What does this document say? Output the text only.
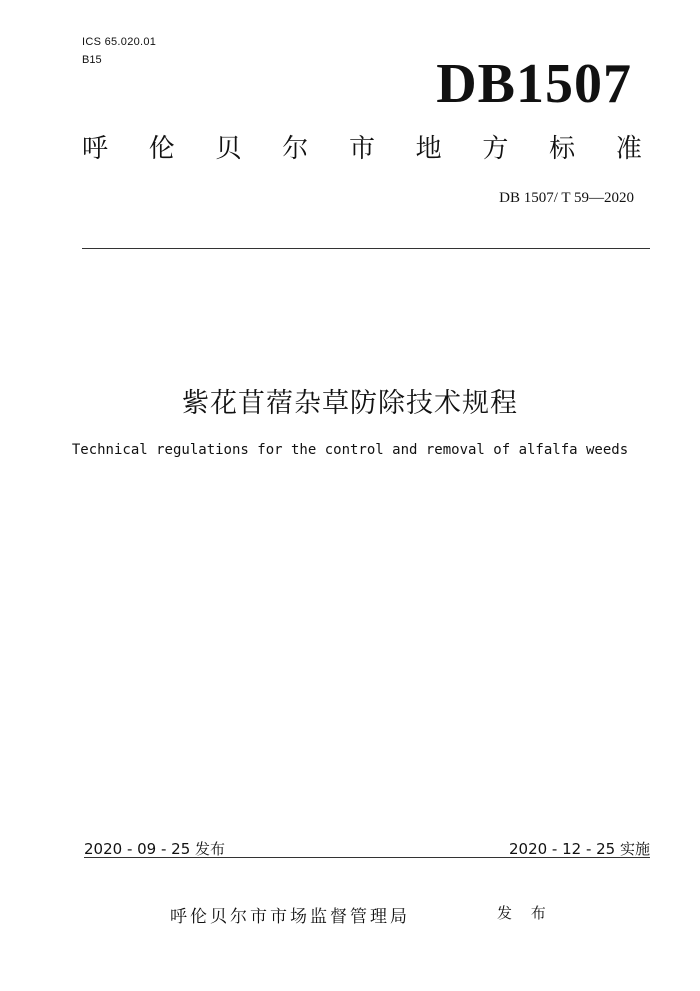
ICS 65.020.01
B15	DB1507
呼 伦 贝 尔 市 地 方 标 准
DB 1507/ T 59—2020
紫花苜蓿杂草防除技术规程
Technical regulations for the control and removal of alfalfa weeds
2020 - 09 - 25 发布	2020 - 12 - 25 实施
呼伦贝尔市市场监督管理局	发 布
